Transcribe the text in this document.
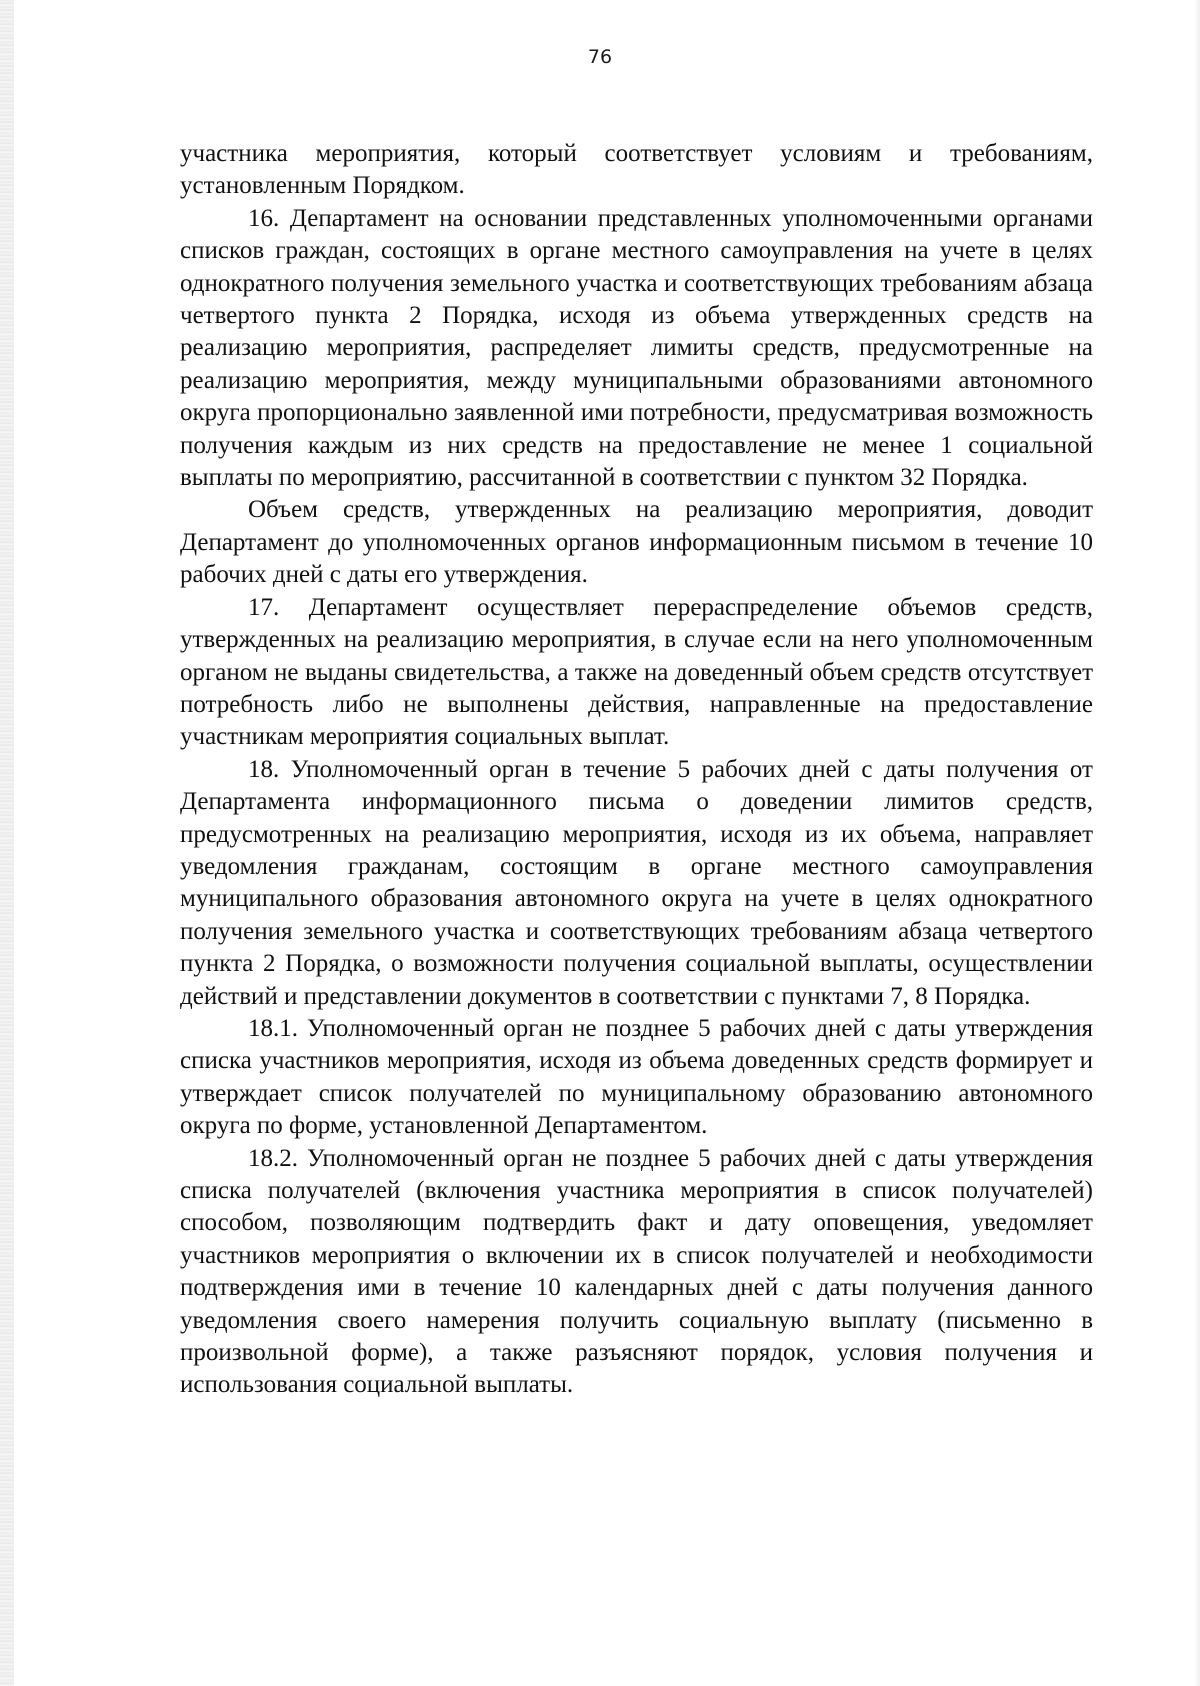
76

участника мероприятия, который соответствует условиям и требованиям, установленным Порядком.

16. Департамент на основании представленных уполномоченными органами списков граждан, состоящих в органе местного самоуправления на учете в целях однократного получения земельного участка и соответствующих требованиям абзаца четвертого пункта 2 Порядка, исходя из объема утвержденных средств на реализацию мероприятия, распределяет лимиты средств, предусмотренные на реализацию мероприятия, между муниципальными образованиями автономного округа пропорционально заявленной ими потребности, предусматривая возможность получения каждым из них средств на предоставление не менее 1 социальной выплаты по мероприятию, рассчитанной в соответствии с пунктом 32 Порядка.

Объем средств, утвержденных на реализацию мероприятия, доводит Департамент до уполномоченных органов информационным письмом в течение 10 рабочих дней с даты его утверждения.

17. Департамент осуществляет перераспределение объемов средств, утвержденных на реализацию мероприятия, в случае если на него уполномоченным органом не выданы свидетельства, а также на доведенный объем средств отсутствует потребность либо не выполнены действия, направленные на предоставление участникам мероприятия социальных выплат.

18. Уполномоченный орган в течение 5 рабочих дней с даты получения от Департамента информационного письма о доведении лимитов средств, предусмотренных на реализацию мероприятия, исходя из их объема, направляет уведомления гражданам, состоящим в органе местного самоуправления муниципального образования автономного округа на учете в целях однократного получения земельного участка и соответствующих требованиям абзаца четвертого пункта 2 Порядка, о возможности получения социальной выплаты, осуществлении действий и представлении документов в соответствии с пунктами 7, 8 Порядка.

18.1. Уполномоченный орган не позднее 5 рабочих дней с даты утверждения списка участников мероприятия, исходя из объема доведенных средств формирует и утверждает список получателей по муниципальному образованию автономного округа по форме, установленной Департаментом.

18.2. Уполномоченный орган не позднее 5 рабочих дней с даты утверждения списка получателей (включения участника мероприятия в список получателей) способом, позволяющим подтвердить факт и дату оповещения, уведомляет участников мероприятия о включении их в список получателей и необходимости подтверждения ими в течение 10 календарных дней с даты получения данного уведомления своего намерения получить социальную выплату (письменно в произвольной форме), а также разъясняют порядок, условия получения и использования социальной выплаты.
